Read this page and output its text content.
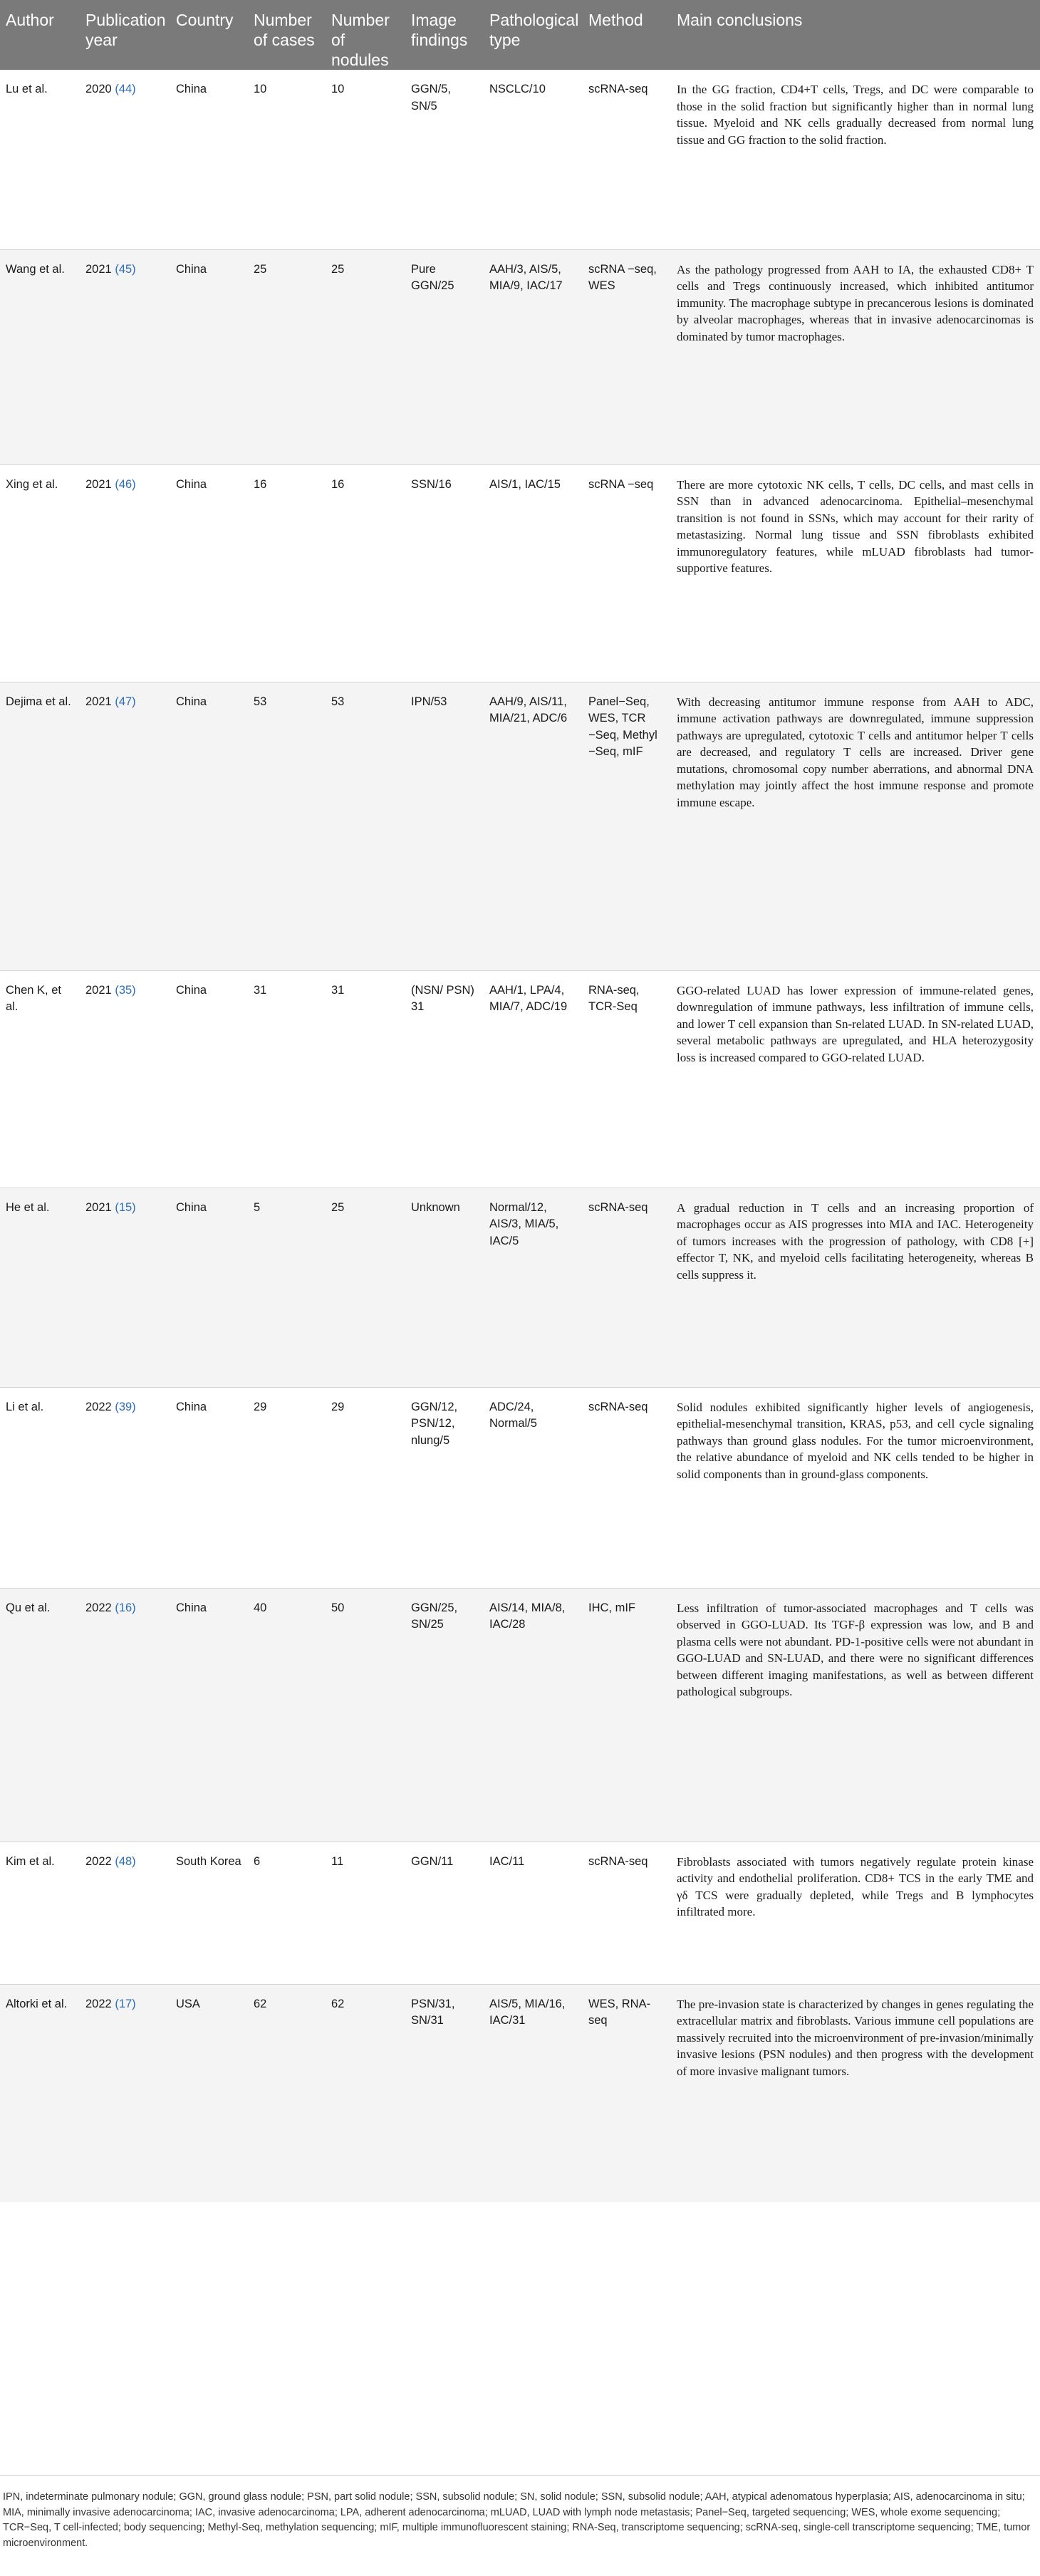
Author	Publication year	Country	Number of cases	Number of nodules	Image findings	Pathological type	Method	Main conclusions
Lu et al.	2020 (44)	China	10	10	GGN/5, SN/5	NSCLC/10	scRNA-seq	In the GG fraction, CD4+T cells, Tregs, and DC were comparable to those in the solid fraction but significantly higher than in normal lung tissue. Myeloid and NK cells gradually decreased from normal lung tissue and GG fraction to the solid fraction.
Wang et al.	2021 (45)	China	25	25	Pure GGN/25	AAH/3, AIS/5, MIA/9, IAC/17	scRNA −seq, WES	As the pathology progressed from AAH to IA, the exhausted CD8+ T cells and Tregs continuously increased, which inhibited antitumor immunity. The macrophage subtype in precancerous lesions is dominated by alveolar macrophages, whereas that in invasive adenocarcinomas is dominated by tumor macrophages.
Xing et al.	2021 (46)	China	16	16	SSN/16	AIS/1, IAC/15	scRNA −seq	There are more cytotoxic NK cells, T cells, DC cells, and mast cells in SSN than in advanced adenocarcinoma. Epithelial–mesenchymal transition is not found in SSNs, which may account for their rarity of metastasizing. Normal lung tissue and SSN fibroblasts exhibited immunoregulatory features, while mLUAD fibroblasts had tumor-supportive features.
Dejima et al.	2021 (47)	China	53	53	IPN/53	AAH/9, AIS/11, MIA/21, ADC/6	Panel−Seq, WES, TCR −Seq, Methyl −Seq, mIF	With decreasing antitumor immune response from AAH to ADC, immune activation pathways are downregulated, immune suppression pathways are upregulated, cytotoxic T cells and antitumor helper T cells are decreased, and regulatory T cells are increased. Driver gene mutations, chromosomal copy number aberrations, and abnormal DNA methylation may jointly affect the host immune response and promote immune escape.
Chen K, et al.	2021 (35)	China	31	31	(NSN/ PSN) 31	AAH/1, LPA/4, MIA/7, ADC/19	RNA-seq, TCR-Seq	GGO-related LUAD has lower expression of immune-related genes, downregulation of immune pathways, less infiltration of immune cells, and lower T cell expansion than Sn-related LUAD. In SN-related LUAD, several metabolic pathways are upregulated, and HLA heterozygosity loss is increased compared to GGO-related LUAD.
He et al.	2021 (15)	China	5	25	Unknown	Normal/12, AIS/3, MIA/5, IAC/5	scRNA-seq	A gradual reduction in T cells and an increasing proportion of macrophages occur as AIS progresses into MIA and IAC. Heterogeneity of tumors increases with the progression of pathology, with CD8 [+] effector T, NK, and myeloid cells facilitating heterogeneity, whereas B cells suppress it.
Li et al.	2022 (39)	China	29	29	GGN/12, PSN/12, nlung/5	ADC/24, Normal/5	scRNA-seq	Solid nodules exhibited significantly higher levels of angiogenesis, epithelial-mesenchymal transition, KRAS, p53, and cell cycle signaling pathways than ground glass nodules. For the tumor microenvironment, the relative abundance of myeloid and NK cells tended to be higher in solid components than in ground-glass components.
Qu et al.	2022 (16)	China	40	50	GGN/25, SN/25	AIS/14, MIA/8, IAC/28	IHC, mIF	Less infiltration of tumor-associated macrophages and T cells was observed in GGO-LUAD. Its TGF-β expression was low, and B and plasma cells were not abundant. PD-1-positive cells were not abundant in GGO-LUAD and SN-LUAD, and there were no significant differences between different imaging manifestations, as well as between different pathological subgroups.
Kim et al.	2022 (48)	South Korea	6	11	GGN/11	IAC/11	scRNA-seq	Fibroblasts associated with tumors negatively regulate protein kinase activity and endothelial proliferation. CD8+ TCS in the early TME and γδ TCS were gradually depleted, while Tregs and B lymphocytes infiltrated more.
Altorki et al.	2022 (17)	USA	62	62	PSN/31, SN/31	AIS/5, MIA/16, IAC/31	WES, RNA-seq	The pre-invasion state is characterized by changes in genes regulating the extracellular matrix and fibroblasts. Various immune cell populations are massively recruited into the microenvironment of pre-invasion/minimally invasive lesions (PSN nodules) and then progress with the development of more invasive malignant tumors.
IPN, indeterminate pulmonary nodule; GGN, ground glass nodule; PSN, part solid nodule; SSN, subsolid nodule; SN, solid nodule; SSN, subsolid nodule; AAH, atypical adenomatous hyperplasia; AIS, adenocarcinoma in situ; MIA, minimally invasive adenocarcinoma; IAC, invasive adenocarcinoma; LPA, adherent adenocarcinoma; mLUAD, LUAD with lymph node metastasis; Panel−Seq, targeted sequencing; WES, whole exome sequencing; TCR−Seq, T cell-infected; body sequencing; Methyl-Seq, methylation sequencing; mIF, multiple immunofluorescent staining; RNA-Seq, transcriptome sequencing; scRNA-seq, single-cell transcriptome sequencing; TME, tumor microenvironment.
